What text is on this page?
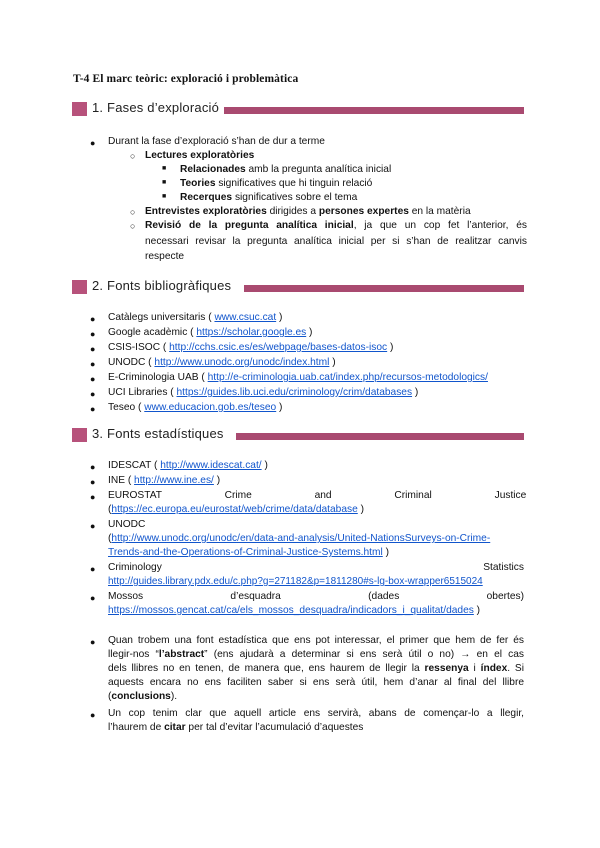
T-4 El marc teòric: exploració i problemàtica
1. Fases d’exploració
● Durant la fase d’exploració s’han de dur a terme
○ Lectures exploratòries
■ Relacionades amb la pregunta analítica inicial
■ Teories significatives que hi tinguin relació
■ Recerques significatives sobre el tema
○ Entrevistes exploratòries dirigides a persones expertes en la matèria
○ Revisió de la pregunta analítica inicial, ja que un cop fet l’anterior, és
necessari revisar la pregunta analítica inicial per si s’han de realitzar canvis
respecte
2. Fonts bibliogràfiques
● Catàlegs universitaris ( www.csuc.cat )
● Google acadèmic ( https://scholar.google.es )
● CSIS-ISOC ( http://cchs.csic.es/es/webpage/bases-datos-isoc )
● UNODC ( http://www.unodc.org/unodc/index.html )
● E-Criminologia UAB ( http://e-criminologia.uab.cat/index.php/recursos-metodologics/
● UCI Libraries ( https://guides.lib.uci.edu/criminology/crim/databases )
● Teseo ( www.educacion.gob.es/teseo )
3. Fonts estadístiques
● IDESCAT ( http://www.idescat.cat/ )
● INE ( http://www.ine.es/ )
● EUROSTAT Crime and Criminal Justice
(https://ec.europa.eu/eurostat/web/crime/data/database )
● UNODC
(http://www.unodc.org/unodc/en/data-and-analysis/United-NationsSurveys-on-Crime-
Trends-and-the-Operations-of-Criminal-Justice-Systems.html )
● Criminology Statistics
http://guides.library.pdx.edu/c.php?g=271182&p=1811280#s-lg-box-wrapper6515024
● Mossos d’esquadra (dades obertes)
https://mossos.gencat.cat/ca/els_mossos_desquadra/indicadors_i_qualitat/dades )
● Quan trobem una font estadística que ens pot interessar, el primer que hem de fer és
llegir-nos “l’abstract” (ens ajudarà a determinar si ens serà útil o no) → en el cas
dels llibres no en tenen, de manera que, ens haurem de llegir la ressenya i índex. Si
aquests encara no ens faciliten saber si ens serà útil, hem d’anar al final del llibre
(conclusions).
● Un cop tenim clar que aquell article ens servirà, abans de començar-lo a llegir,
l’haurem de citar per tal d’evitar l’acumulació d’aquestes
